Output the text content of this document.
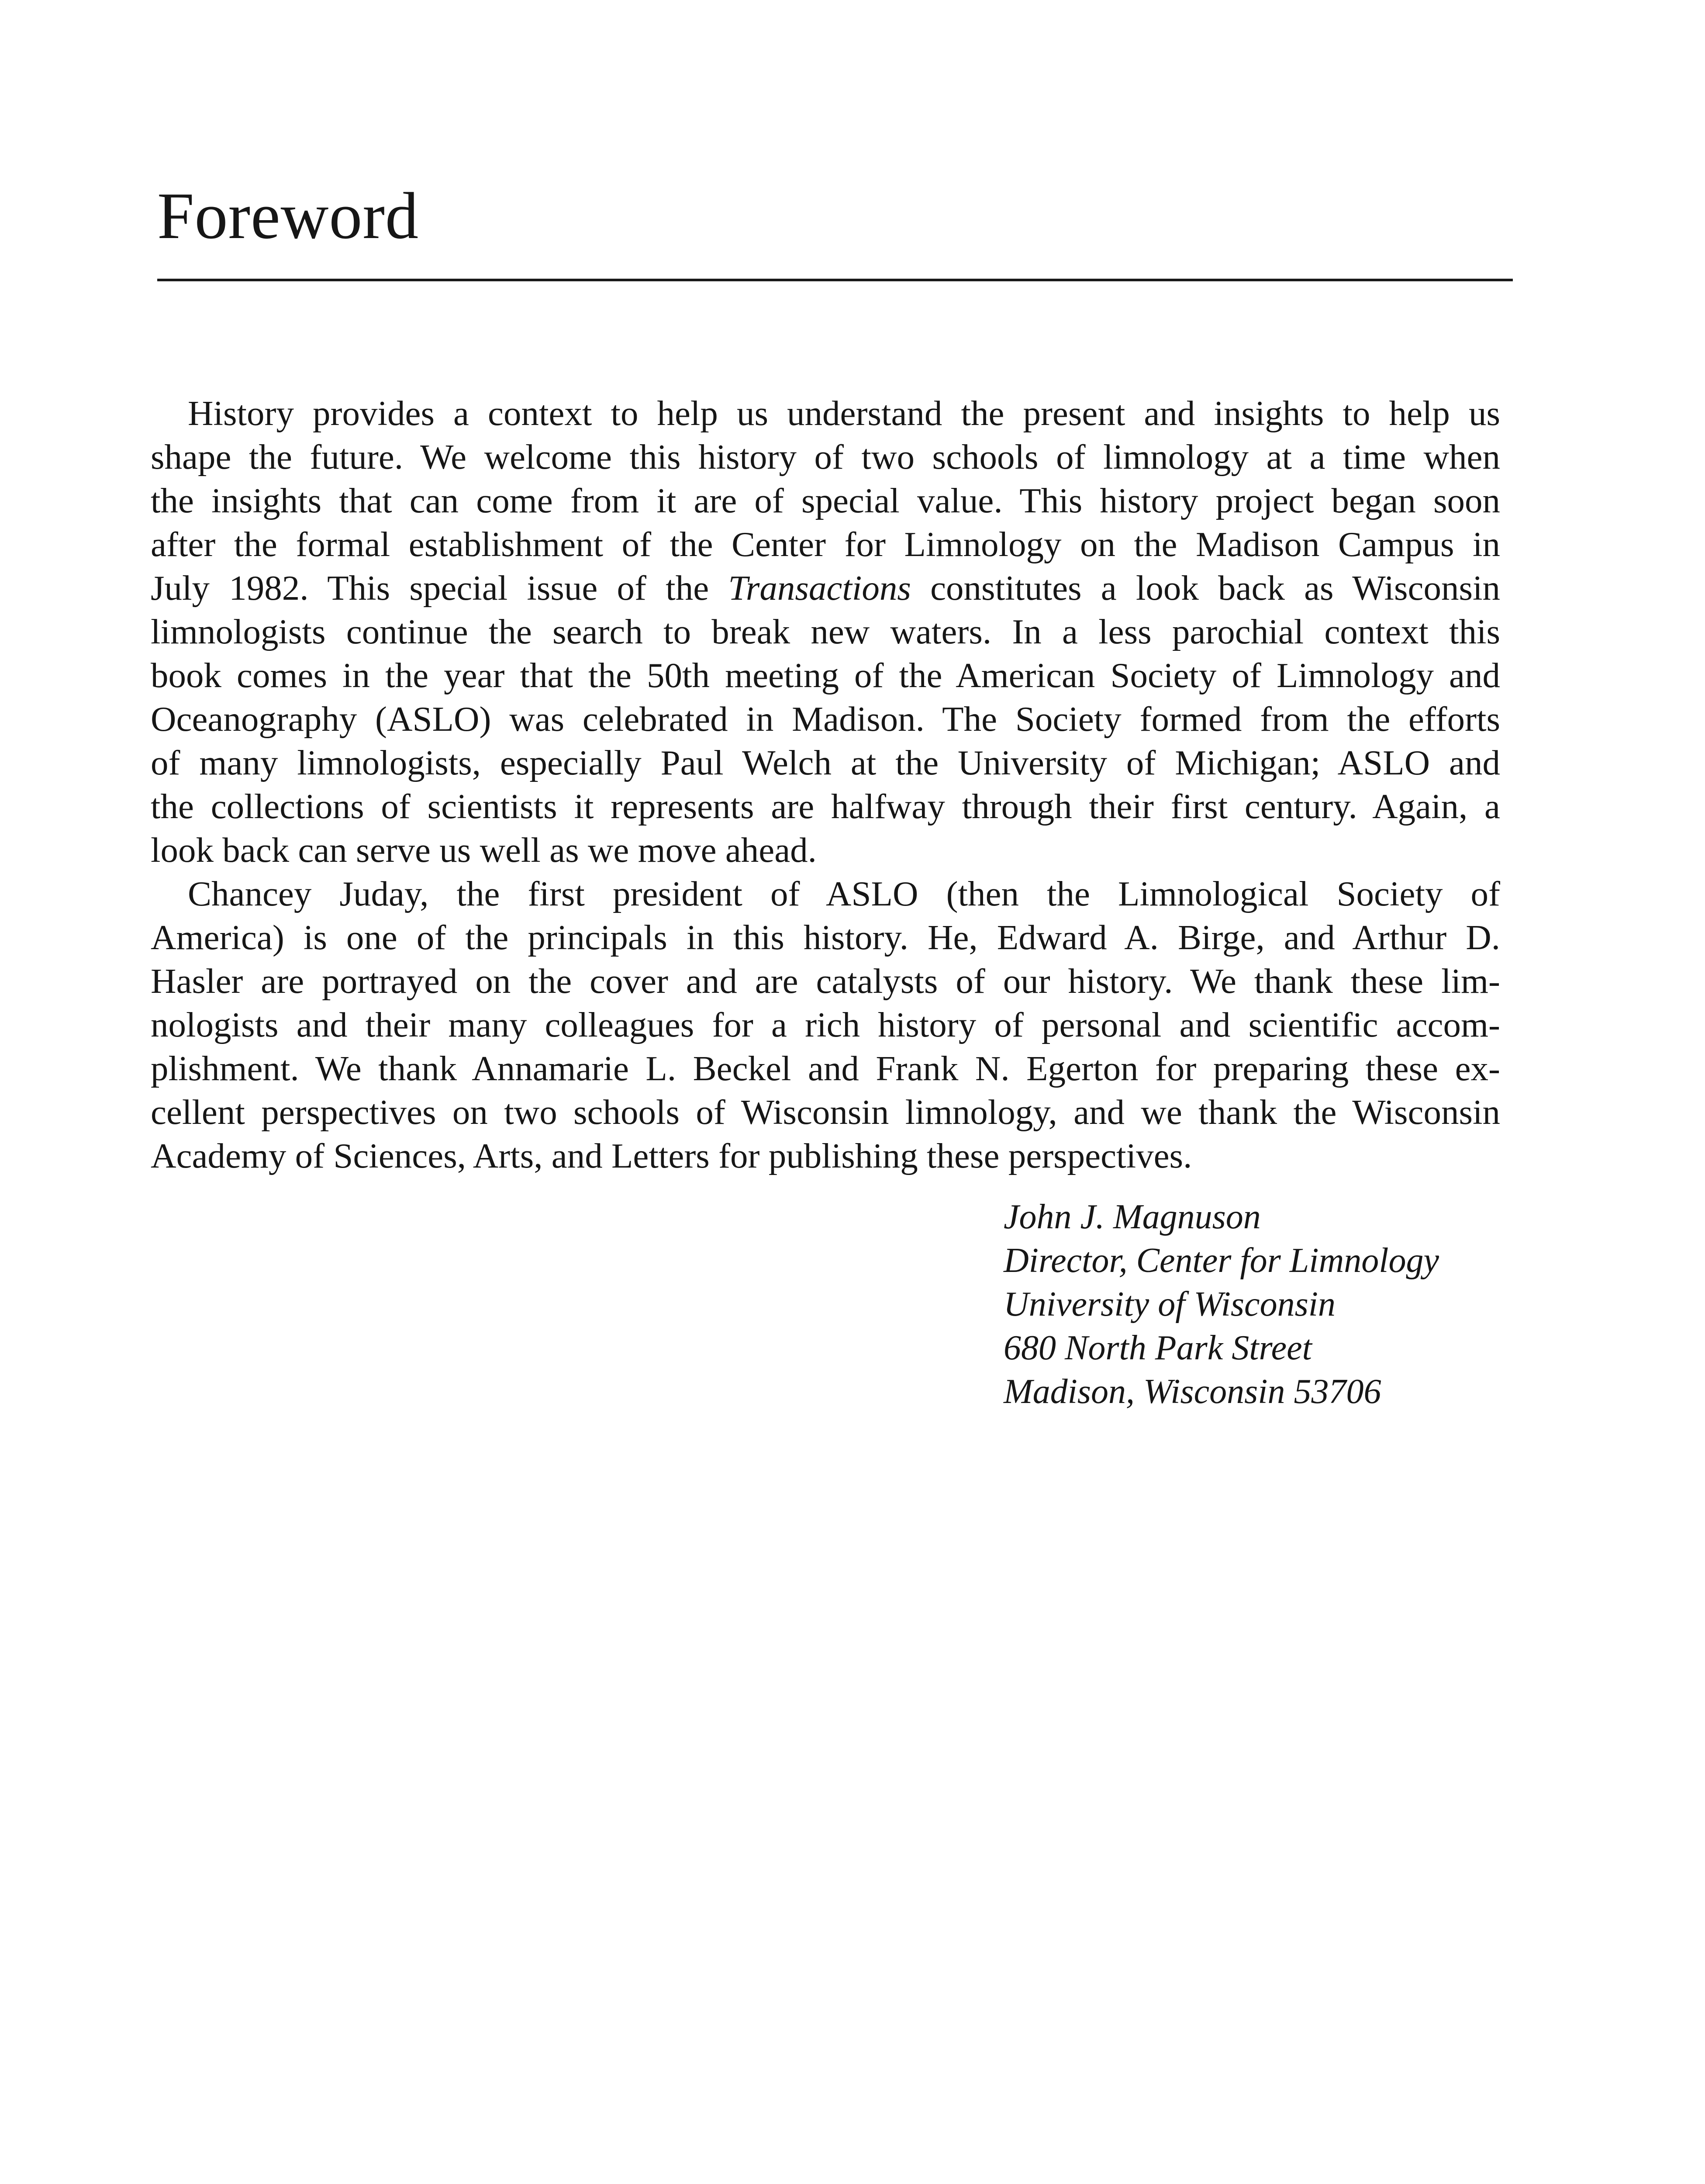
Foreword
History provides a context to help us understand the present and insights to help us
shape the future. We welcome this history of two schools of limnology at a time when
the insights that can come from it are of special value. This history project began soon
after the formal establishment of the Center for Limnology on the Madison Campus in
July 1982. This special issue of the Transactions constitutes a look back as Wisconsin
limnologists continue the search to break new waters. In a less parochial context this
book comes in the year that the 50th meeting of the American Society of Limnology and
Oceanography (ASLO) was celebrated in Madison. The Society formed from the efforts
of many limnologists, especially Paul Welch at the University of Michigan; ASLO and
the collections of scientists it represents are halfway through their first century. Again, a
look back can serve us well as we move ahead.
Chancey Juday, the first president of ASLO (then the Limnological Society of
America) is one of the principals in this history. He, Edward A. Birge, and Arthur D.
Hasler are portrayed on the cover and are catalysts of our history. We thank these lim-
nologists and their many colleagues for a rich history of personal and scientific accom-
plishment. We thank Annamarie L. Beckel and Frank N. Egerton for preparing these ex-
cellent perspectives on two schools of Wisconsin limnology, and we thank the Wisconsin
Academy of Sciences, Arts, and Letters for publishing these perspectives.
John J. Magnuson
Director, Center for Limnology
University of Wisconsin
680 North Park Street
Madison, Wisconsin 53706
